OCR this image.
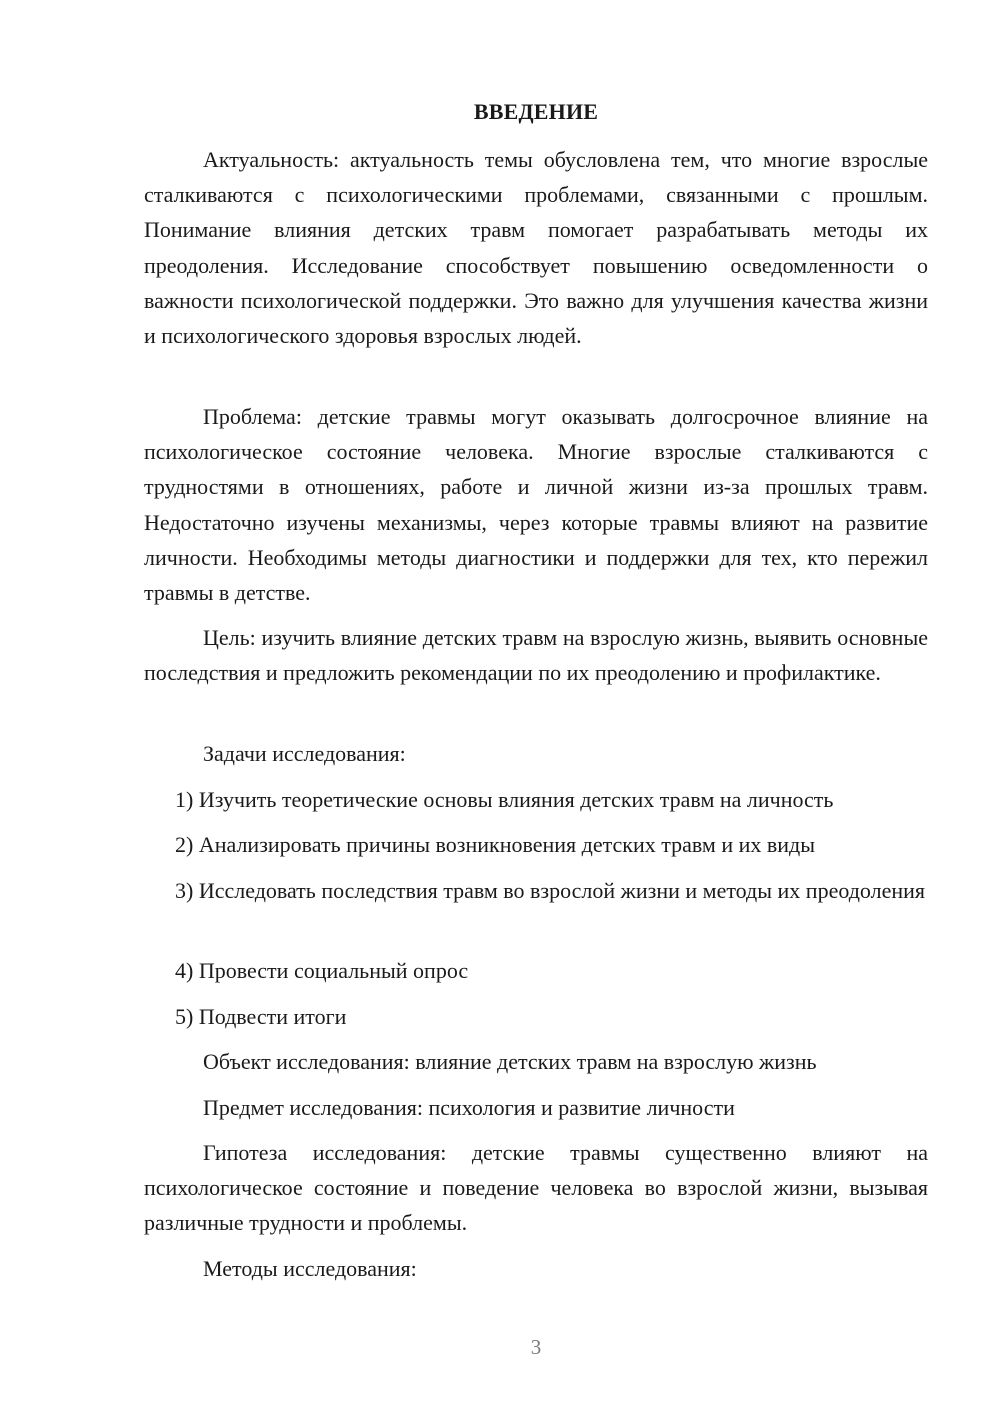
ВВЕДЕНИЕ

Актуальность: актуальность темы обусловлена тем, что многие взрослые сталкиваются с психологическими проблемами, связанными с прошлым. Понимание влияния детских травм помогает разрабатывать методы их преодоления. Исследование способствует повышению осведомленности о важности психологической поддержки. Это важно для улучшения качества жизни и психологического здоровья взрослых людей.

Проблема: детские травмы могут оказывать долгосрочное влияние на психологическое состояние человека. Многие взрослые сталкиваются с трудностями в отношениях, работе и личной жизни из-за прошлых травм. Недостаточно изучены механизмы, через которые травмы влияют на развитие личности. Необходимы методы диагностики и поддержки для тех, кто пережил травмы в детстве.

Цель: изучить влияние детских травм на взрослую жизнь, выявить основные последствия и предложить рекомендации по их преодолению и профилактике.

Задачи исследования:

1) Изучить теоретические основы влияния детских травм на личность

2) Анализировать причины возникновения детских травм и их виды

3) Исследовать последствия травм во взрослой жизни и методы их преодоления

4) Провести социальный опрос

5) Подвести итоги

Объект исследования: влияние детских травм на взрослую жизнь

Предмет исследования: психология и развитие личности

Гипотеза исследования: детские травмы существенно влияют на психологическое состояние и поведение человека во взрослой жизни, вызывая различные трудности и проблемы.

Методы исследования:

3
